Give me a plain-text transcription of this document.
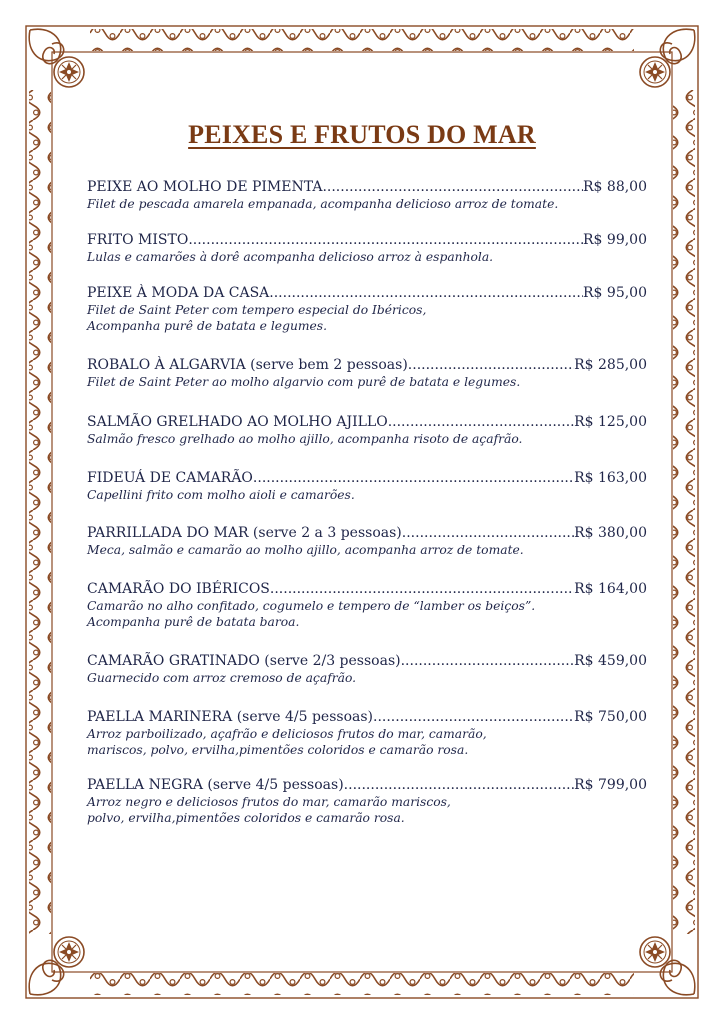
PEIXES E FRUTOS DO MAR
PEIXE AO MOLHO DE PIMENTA .....	R$ 88,00
Filet de pescada amarela empanada, acompanha delicioso arroz de tomate.
FRITO MISTO .....	R$ 99,00
Lulas e camarões à dorê acompanha delicioso arroz à espanhola.
PEIXE À MODA DA CASA .....	R$ 95,00
Filet de Saint Peter com tempero especial do Ibéricos,
Acompanha purê de batata e legumes.
ROBALO À ALGARVIA (serve bem 2 pessoas) .....	R$ 285,00
Filet de Saint Peter ao molho algarvio com purê de batata e legumes.
SALMÃO GRELHADO AO MOLHO AJILLO .....	R$ 125,00
Salmão fresco grelhado ao molho ajillo, acompanha risoto de açafrão.
FIDEUÁ DE CAMARÃO .....	R$ 163,00
Capellini frito com molho aioli e camarões.
PARRILLADA DO MAR (serve 2 a 3 pessoas) .....	R$ 380,00
Meca, salmão e camarão ao molho ajillo, acompanha arroz de tomate.
CAMARÃO DO IBÉRICOS .....	R$ 164,00
Camarão no alho confitado, cogumelo e tempero de “lamber os beiços”.
Acompanha purê de batata baroa.
CAMARÃO GRATINADO (serve 2/3 pessoas) .....	R$ 459,00
Guarnecido com arroz cremoso de açafrão.
PAELLA MARINERA (serve 4/5 pessoas) .....	R$ 750,00
Arroz parboilizado, açafrão e deliciosos frutos do mar, camarão,
mariscos, polvo, ervilha,pimentões coloridos e camarão rosa.
PAELLA NEGRA (serve 4/5 pessoas) .....	R$ 799,00
Arroz negro e deliciosos frutos do mar, camarão mariscos,
polvo, ervilha,pimentões coloridos e camarão rosa.
